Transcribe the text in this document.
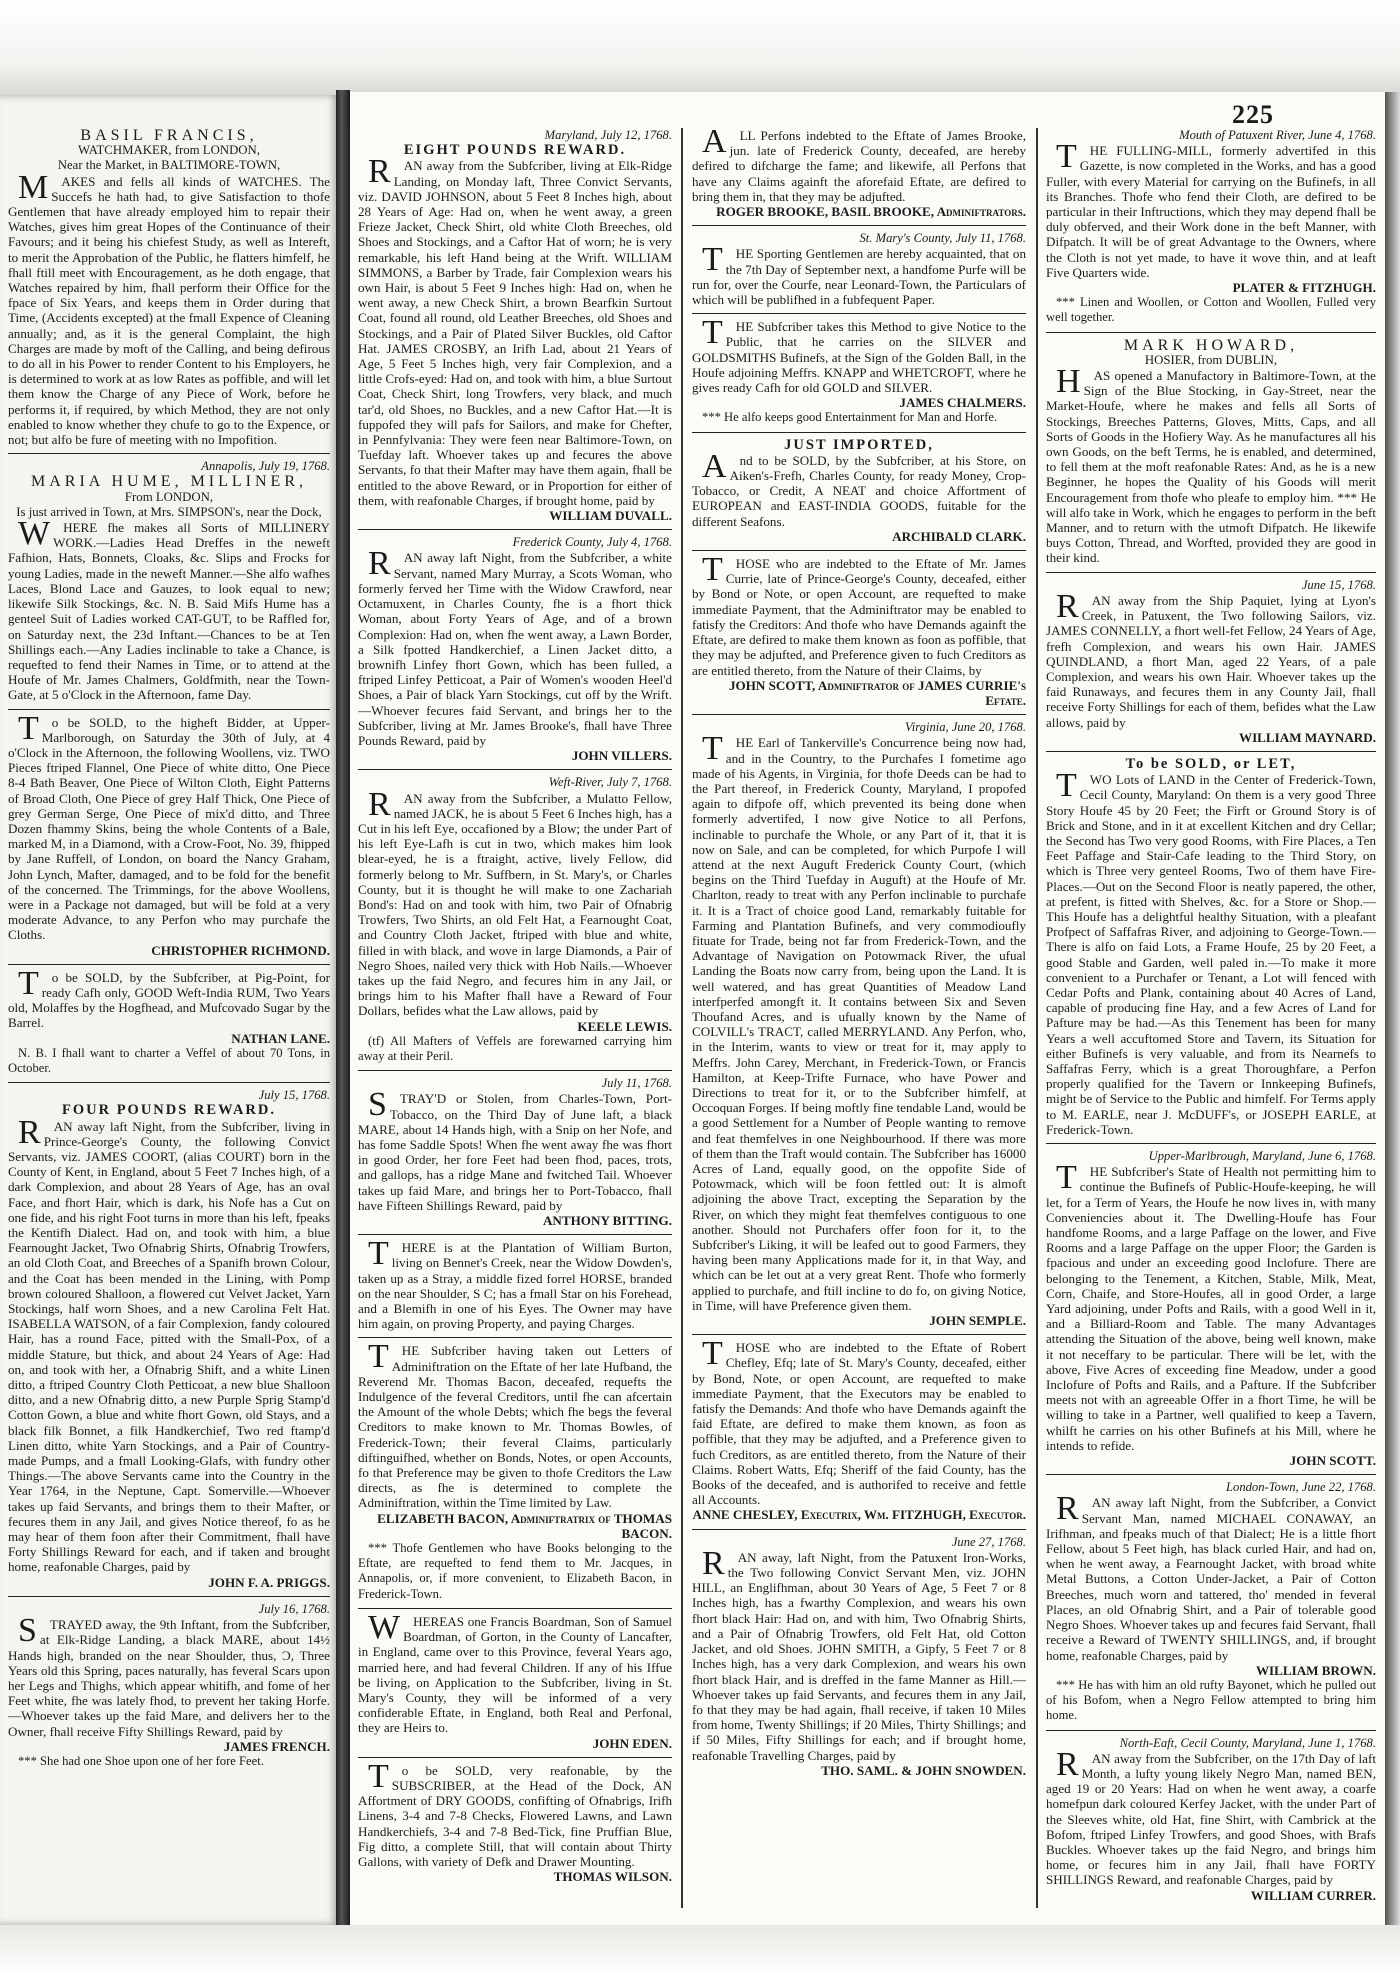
225

BASIL FRANCIS,

WATCHMAKER, from LONDON,

Near the Market, in BALTIMORE-TOWN,

MAKES and fells all kinds of WATCHES. The Succefs he hath had, to give Satisfaction to thofe Gentlemen that have already employed him to repair their Watches, gives him great Hopes of the Continuance of their Favours; and it being his chiefest Study, as well as Intereft, to merit the Approbation of the Public, he flatters himfelf, he fhall ftill meet with Encouragement, as he doth engage, that Watches repaired by him, fhall perform their Office for the fpace of Six Years, and keeps them in Order during that Time, (Accidents excepted) at the fmall Expence of Cleaning annually; and, as it is the general Complaint, the high Charges are made by moft of the Calling, and being defirous to do all in his Power to render Content to his Employers, he is determined to work at as low Rates as poffible, and will let them know the Charge of any Piece of Work, before he performs it, if required, by which Method, they are not only enabled to know whether they chufe to go to the Expence, or not; but alfo be fure of meeting with no Impofition.

Annapolis, July 19, 1768.

MARIA HUME, MILLINER,

From LONDON,

Is just arrived in Town, at Mrs. SIMPSON's, near the Dock,

WHERE fhe makes all Sorts of MILLINERY WORK.—Ladies Head Dreffes in the neweft Fafhion, Hats, Bonnets, Cloaks, &c. Slips and Frocks for young Ladies, made in the neweft Manner.—She alfo wafhes Laces, Blond Lace and Gauzes, to look equal to new; likewife Silk Stockings, &c. N. B. Said Mifs Hume has a genteel Suit of Ladies worked CAT-GUT, to be Raffled for, on Saturday next, the 23d Inftant.—Chances to be at Ten Shillings each.—Any Ladies inclinable to take a Chance, is requefted to fend their Names in Time, or to attend at the Houfe of Mr. James Chalmers, Goldfmith, near the Town-Gate, at 5 o'Clock in the Afternoon, fame Day.

To be SOLD, to the higheft Bidder, at Upper-Marlborough, on Saturday the 30th of July, at 4 o'Clock in the Afternoon, the following Woollens, viz. TWO Pieces ftriped Flannel, One Piece of white ditto, One Piece 8-4 Bath Beaver, One Piece of Wilton Cloth, Eight Patterns of Broad Cloth, One Piece of grey Half Thick, One Piece of grey German Serge, One Piece of mix'd ditto, and Three Dozen fhammy Skins, being the whole Contents of a Bale, marked M, in a Diamond, with a Crow-Foot, No. 39, fhipped by Jane Ruffell, of London, on board the Nancy Graham, John Lynch, Mafter, damaged, and to be fold for the benefit of the concerned. The Trimmings, for the above Woollens, were in a Package not damaged, but will be fold at a very moderate Advance, to any Perfon who may purchafe the Cloths.

CHRISTOPHER RICHMOND.

To be SOLD, by the Subfcriber, at Pig-Point, for ready Cafh only, GOOD Weft-India RUM, Two Years old, Molaffes by the Hogfhead, and Mufcovado Sugar by the Barrel.

NATHAN LANE.

N. B. I fhall want to charter a Veffel of about 70 Tons, in October.

July 15, 1768.

FOUR POUNDS REWARD.

RAN away laft Night, from the Subfcriber, living in Prince-George's County, the following Convict Servants, viz. JAMES COORT, (alias COURT) born in the County of Kent, in England, about 5 Feet 7 Inches high, of a dark Complexion, and about 28 Years of Age, has an oval Face, and fhort Hair, which is dark, his Nofe has a Cut on one fide, and his right Foot turns in more than his left, fpeaks the Kentifh Dialect. Had on, and took with him, a blue Fearnought Jacket, Two Ofnabrig Shirts, Ofnabrig Trowfers, an old Cloth Coat, and Breeches of a Spanifh brown Colour, and the Coat has been mended in the Lining, with Pomp brown coloured Shalloon, a flowered cut Velvet Jacket, Yarn Stockings, half worn Shoes, and a new Carolina Felt Hat. ISABELLA WATSON, of a fair Complexion, fandy coloured Hair, has a round Face, pitted with the Small-Pox, of a middle Stature, but thick, and about 24 Years of Age: Had on, and took with her, a Ofnabrig Shift, and a white Linen ditto, a ftriped Country Cloth Petticoat, a new blue Shalloon ditto, and a new Ofnabrig ditto, a new Purple Sprig Stamp'd Cotton Gown, a blue and white fhort Gown, old Stays, and a black filk Bonnet, a filk Handkerchief, Two red ftamp'd Linen ditto, white Yarn Stockings, and a Pair of Country-made Pumps, and a fmall Looking-Glafs, with fundry other Things.—The above Servants came into the Country in the Year 1764, in the Neptune, Capt. Somerville.—Whoever takes up faid Servants, and brings them to their Mafter, or fecures them in any Jail, and gives Notice thereof, fo as he may hear of them foon after their Commitment, fhall have Forty Shillings Reward for each, and if taken and brought home, reafonable Charges, paid by

JOHN F. A. PRIGGS.

July 16, 1768.

STRAYED away, the 9th Inftant, from the Subfcriber, at Elk-Ridge Landing, a black MARE, about 14½ Hands high, branded on the near Shoulder, thus, Ɔ, Three Years old this Spring, paces naturally, has feveral Scars upon her Legs and Thighs, which appear whitifh, and fome of her Feet white, fhe was lately fhod, to prevent her taking Horfe.—Whoever takes up the faid Mare, and delivers her to the Owner, fhall receive Fifty Shillings Reward, paid by

JAMES FRENCH.

*** She had one Shoe upon one of her fore Feet.

Maryland, July 12, 1768.

EIGHT POUNDS REWARD.

RAN away from the Subfcriber, living at Elk-Ridge Landing, on Monday laft, Three Convict Servants, viz. DAVID JOHNSON, about 5 Feet 8 Inches high, about 28 Years of Age: Had on, when he went away, a green Frieze Jacket, Check Shirt, old white Cloth Breeches, old Shoes and Stockings, and a Caftor Hat of worn; he is very remarkable, his left Hand being at the Wrift. WILLIAM SIMMONS, a Barber by Trade, fair Complexion wears his own Hair, is about 5 Feet 9 Inches high: Had on, when he went away, a new Check Shirt, a brown Bearfkin Surtout Coat, found all round, old Leather Breeches, old Shoes and Stockings, and a Pair of Plated Silver Buckles, old Caftor Hat. JAMES CROSBY, an Irifh Lad, about 21 Years of Age, 5 Feet 5 Inches high, very fair Complexion, and a little Crofs-eyed: Had on, and took with him, a blue Surtout Coat, Check Shirt, long Trowfers, very black, and much tar'd, old Shoes, no Buckles, and a new Caftor Hat.—It is fuppofed they will pafs for Sailors, and make for Chefter, in Pennfylvania: They were feen near Baltimore-Town, on Tuefday laft. Whoever takes up and fecures the above Servants, fo that their Mafter may have them again, fhall be entitled to the above Reward, or in Proportion for either of them, with reafonable Charges, if brought home, paid by

WILLIAM DUVALL.

Frederick County, July 4, 1768.

RAN away laft Night, from the Subfcriber, a white Servant, named Mary Murray, a Scots Woman, who formerly ferved her Time with the Widow Crawford, near Octamuxent, in Charles County, fhe is a fhort thick Woman, about Forty Years of Age, and of a brown Complexion: Had on, when fhe went away, a Lawn Border, a Silk fpotted Handkerchief, a Linen Jacket ditto, a brownifh Linfey fhort Gown, which has been fulled, a ftriped Linfey Petticoat, a Pair of Women's wooden Heel'd Shoes, a Pair of black Yarn Stockings, cut off by the Wrift.—Whoever fecures faid Servant, and brings her to the Subfcriber, living at Mr. James Brooke's, fhall have Three Pounds Reward, paid by

JOHN VILLERS.

Weft-River, July 7, 1768.

RAN away from the Subfcriber, a Mulatto Fellow, named JACK, he is about 5 Feet 6 Inches high, has a Cut in his left Eye, occafioned by a Blow; the under Part of his left Eye-Lafh is cut in two, which makes him look blear-eyed, he is a ftraight, active, lively Fellow, did formerly belong to Mr. Suffbern, in St. Mary's, or Charles County, but it is thought he will make to one Zachariah Bond's: Had on and took with him, two Pair of Ofnabrig Trowfers, Two Shirts, an old Felt Hat, a Fearnought Coat, and Country Cloth Jacket, ftriped with blue and white, filled in with black, and wove in large Diamonds, a Pair of Negro Shoes, nailed very thick with Hob Nails.—Whoever takes up the faid Negro, and fecures him in any Jail, or brings him to his Mafter fhall have a Reward of Four Dollars, befides what the Law allows, paid by

KEELE LEWIS.

(tf) All Mafters of Veffels are forewarned carrying him away at their Peril.

July 11, 1768.

STRAY'D or Stolen, from Charles-Town, Port-Tobacco, on the Third Day of June laft, a black MARE, about 14 Hands high, with a Snip on her Nofe, and has fome Saddle Spots! When fhe went away fhe was fhort in good Order, her fore Feet had been fhod, paces, trots, and gallops, has a ridge Mane and fwitched Tail. Whoever takes up faid Mare, and brings her to Port-Tobacco, fhall have Fifteen Shillings Reward, paid by

ANTHONY BITTING.

THERE is at the Plantation of William Burton, living on Bennet's Creek, near the Widow Dowden's, taken up as a Stray, a middle fized forrel HORSE, branded on the near Shoulder, S C; has a fmall Star on his Forehead, and a Blemifh in one of his Eyes. The Owner may have him again, on proving Property, and paying Charges.

THE Subfcriber having taken out Letters of Adminiftration on the Eftate of her late Hufband, the Reverend Mr. Thomas Bacon, deceafed, requefts the Indulgence of the feveral Creditors, until fhe can afcertain the Amount of the whole Debts; which fhe begs the feveral Creditors to make known to Mr. Thomas Bowles, of Frederick-Town; their feveral Claims, particularly diftinguifhed, whether on Bonds, Notes, or open Accounts, fo that Preference may be given to thofe Creditors the Law directs, as fhe is determined to complete the Adminiftration, within the Time limited by Law.

ELIZABETH BACON, Adminiftratrix of THOMAS BACON.

*** Thofe Gentlemen who have Books belonging to the Eftate, are requefted to fend them to Mr. Jacques, in Annapolis, or, if more convenient, to Elizabeth Bacon, in Frederick-Town.

WHEREAS one Francis Boardman, Son of Samuel Boardman, of Gorton, in the County of Lancafter, in England, came over to this Province, feveral Years ago, married here, and had feveral Children. If any of his Iffue be living, on Application to the Subfcriber, living in St. Mary's County, they will be informed of a very confiderable Eftate, in England, both Real and Perfonal, they are Heirs to.

JOHN EDEN.

To be SOLD, very reafonable, by the SUBSCRIBER, at the Head of the Dock, AN Affortment of DRY GOODS, confifting of Ofnabrigs, Irifh Linens, 3-4 and 7-8 Checks, Flowered Lawns, and Lawn Handkerchiefs, 3-4 and 7-8 Bed-Tick, fine Pruffian Blue, Fig ditto, a complete Still, that will contain about Thirty Gallons, with variety of Defk and Drawer Mounting.

THOMAS WILSON.

ALL Perfons indebted to the Eftate of James Brooke, jun. late of Frederick County, deceafed, are hereby defired to difcharge the fame; and likewife, all Perfons that have any Claims againft the aforefaid Eftate, are defired to bring them in, that they may be adjufted.

ROGER BROOKE, BASIL BROOKE, Adminiftrators.

St. Mary's County, July 11, 1768.

THE Sporting Gentlemen are hereby acquainted, that on the 7th Day of September next, a handfome Purfe will be run for, over the Courfe, near Leonard-Town, the Particulars of which will be publifhed in a fubfequent Paper.

THE Subfcriber takes this Method to give Notice to the Public, that he carries on the SILVER and GOLDSMITHS Bufinefs, at the Sign of the Golden Ball, in the Houfe adjoining Meffrs. KNAPP and WHETCROFT, where he gives ready Cafh for old GOLD and SILVER.

JAMES CHALMERS.

*** He alfo keeps good Entertainment for Man and Horfe.

JUST IMPORTED,

And to be SOLD, by the Subfcriber, at his Store, on Aiken's-Frefh, Charles County, for ready Money, Crop-Tobacco, or Credit, A NEAT and choice Affortment of EUROPEAN and EAST-INDIA GOODS, fuitable for the different Seafons.

ARCHIBALD CLARK.

THOSE who are indebted to the Eftate of Mr. James Currie, late of Prince-George's County, deceafed, either by Bond or Note, or open Account, are requefted to make immediate Payment, that the Adminiftrator may be enabled to fatisfy the Creditors: And thofe who have Demands againft the Eftate, are defired to make them known as foon as poffible, that they may be adjufted, and Preference given to fuch Creditors as are entitled thereto, from the Nature of their Claims, by

JOHN SCOTT, Adminiftrator of JAMES CURRIE's Eftate.

Virginia, June 20, 1768.

THE Earl of Tankerville's Concurrence being now had, and in the Country, to the Purchafes I fometime ago made of his Agents, in Virginia, for thofe Deeds can be had to the Part thereof, in Frederick County, Maryland, I propofed again to difpofe off, which prevented its being done when formerly advertifed, I now give Notice to all Perfons, inclinable to purchafe the Whole, or any Part of it, that it is now on Sale, and can be completed, for which Purpofe I will attend at the next Auguft Frederick County Court, (which begins on the Third Tuefday in Auguft) at the Houfe of Mr. Charlton, ready to treat with any Perfon inclinable to purchafe it. It is a Tract of choice good Land, remarkably fuitable for Farming and Plantation Bufinefs, and very commodioufly fituate for Trade, being not far from Frederick-Town, and the Advantage of Navigation on Potowmack River, the ufual Landing the Boats now carry from, being upon the Land. It is well watered, and has great Quantities of Meadow Land interfperfed amongft it. It contains between Six and Seven Thoufand Acres, and is ufually known by the Name of COLVILL's TRACT, called MERRYLAND. Any Perfon, who, in the Interim, wants to view or treat for it, may apply to Meffrs. John Carey, Merchant, in Frederick-Town, or Francis Hamilton, at Keep-Trifte Furnace, who have Power and Directions to treat for it, or to the Subfcriber himfelf, at Occoquan Forges. If being moftly fine tendable Land, would be a good Settlement for a Number of People wanting to remove and feat themfelves in one Neighbourhood. If there was more of them than the Traft would contain. The Subfcriber has 16000 Acres of Land, equally good, on the oppofite Side of Potowmack, which will be foon fettled out: It is almoft adjoining the above Tract, excepting the Separation by the River, on which they might feat themfelves contiguous to one another. Should not Purchafers offer foon for it, to the Subfcriber's Liking, it will be leafed out to good Farmers, they having been many Applications made for it, in that Way, and which can be let out at a very great Rent. Thofe who formerly applied to purchafe, and ftill incline to do fo, on giving Notice, in Time, will have Preference given them.

JOHN SEMPLE.

THOSE who are indebted to the Eftate of Robert Chefley, Efq; late of St. Mary's County, deceafed, either by Bond, Note, or open Account, are requefted to make immediate Payment, that the Executors may be enabled to fatisfy the Demands: And thofe who have Demands againft the faid Eftate, are defired to make them known, as foon as poffible, that they may be adjufted, and a Preference given to fuch Creditors, as are entitled thereto, from the Nature of their Claims. Robert Watts, Efq; Sheriff of the faid County, has the Books of the deceafed, and is authorifed to receive and fettle all Accounts.

ANNE CHESLEY, Executrix, Wm. FITZHUGH, Executor.

June 27, 1768.

RAN away, laft Night, from the Patuxent Iron-Works, the Two following Convict Servant Men, viz. JOHN HILL, an Englifhman, about 30 Years of Age, 5 Feet 7 or 8 Inches high, has a fwarthy Complexion, and wears his own fhort black Hair: Had on, and with him, Two Ofnabrig Shirts, and a Pair of Ofnabrig Trowfers, old Felt Hat, old Cotton Jacket, and old Shoes. JOHN SMITH, a Gipfy, 5 Feet 7 or 8 Inches high, has a very dark Complexion, and wears his own fhort black Hair, and is dreffed in the fame Manner as Hill.—Whoever takes up faid Servants, and fecures them in any Jail, fo that they may be had again, fhall receive, if taken 10 Miles from home, Twenty Shillings; if 20 Miles, Thirty Shillings; and if 50 Miles, Fifty Shillings for each; and if brought home, reafonable Travelling Charges, paid by

THO. SAML. & JOHN SNOWDEN.

Mouth of Patuxent River, June 4, 1768.

THE FULLING-MILL, formerly advertifed in this Gazette, is now completed in the Works, and has a good Fuller, with every Material for carrying on the Bufinefs, in all its Branches. Thofe who fend their Cloth, are defired to be particular in their Inftructions, which they may depend fhall be duly obferved, and their Work done in the beft Manner, with Difpatch. It will be of great Advantage to the Owners, where the Cloth is not yet made, to have it wove thin, and at leaft Five Quarters wide.

PLATER & FITZHUGH.

*** Linen and Woollen, or Cotton and Woollen, Fulled very well together.

MARK HOWARD,

HOSIER, from DUBLIN,

HAS opened a Manufactory in Baltimore-Town, at the Sign of the Blue Stocking, in Gay-Street, near the Market-Houfe, where he makes and fells all Sorts of Stockings, Breeches Patterns, Gloves, Mitts, Caps, and all Sorts of Goods in the Hofiery Way. As he manufactures all his own Goods, on the beft Terms, he is enabled, and determined, to fell them at the moft reafonable Rates: And, as he is a new Beginner, he hopes the Quality of his Goods will merit Encouragement from thofe who pleafe to employ him. *** He will alfo take in Work, which he engages to perform in the beft Manner, and to return with the utmoft Difpatch. He likewife buys Cotton, Thread, and Worfted, provided they are good in their kind.

June 15, 1768.

RAN away from the Ship Paquiet, lying at Lyon's Creek, in Patuxent, the Two following Sailors, viz. JAMES CONNELLY, a fhort well-fet Fellow, 24 Years of Age, frefh Complexion, and wears his own Hair. JAMES QUINDLAND, a fhort Man, aged 22 Years, of a pale Complexion, and wears his own Hair. Whoever takes up the faid Runaways, and fecures them in any County Jail, fhall receive Forty Shillings for each of them, befides what the Law allows, paid by

WILLIAM MAYNARD.

To be SOLD, or LET,

TWO Lots of LAND in the Center of Frederick-Town, Cecil County, Maryland: On them is a very good Three Story Houfe 45 by 20 Feet; the Firft or Ground Story is of Brick and Stone, and in it at excellent Kitchen and dry Cellar; the Second has Two very good Rooms, with Fire Places, a Ten Feet Paffage and Stair-Cafe leading to the Third Story, on which is Three very genteel Rooms, Two of them have Fire-Places.—Out on the Second Floor is neatly papered, the other, at prefent, is fitted with Shelves, &c. for a Store or Shop.—This Houfe has a delightful healthy Situation, with a pleafant Profpect of Saffafras River, and adjoining to George-Town.—There is alfo on faid Lots, a Frame Houfe, 25 by 20 Feet, a good Stable and Garden, well paled in.—To make it more convenient to a Purchafer or Tenant, a Lot will fenced with Cedar Pofts and Plank, containing about 40 Acres of Land, capable of producing fine Hay, and a few Acres of Land for Pafture may be had.—As this Tenement has been for many Years a well accuftomed Store and Tavern, its Situation for either Bufinefs is very valuable, and from its Nearnefs to Saffafras Ferry, which is a great Thoroughfare, a Perfon properly qualified for the Tavern or Innkeeping Bufinefs, might be of Service to the Public and himfelf. For Terms apply to M. EARLE, near J. McDUFF's, or JOSEPH EARLE, at Frederick-Town.

Upper-Marlbrough, Maryland, June 6, 1768.

THE Subfcriber's State of Health not permitting him to continue the Bufinefs of Public-Houfe-keeping, he will let, for a Term of Years, the Houfe he now lives in, with many Conveniencies about it. The Dwelling-Houfe has Four handfome Rooms, and a large Paffage on the lower, and Five Rooms and a large Paffage on the upper Floor; the Garden is fpacious and under an exceeding good Inclofure. There are belonging to the Tenement, a Kitchen, Stable, Milk, Meat, Corn, Chaife, and Store-Houfes, all in good Order, a large Yard adjoining, under Pofts and Rails, with a good Well in it, and a Billiard-Room and Table. The many Advantages attending the Situation of the above, being well known, make it not neceffary to be particular. There will be let, with the above, Five Acres of exceeding fine Meadow, under a good Inclofure of Pofts and Rails, and a Pafture. If the Subfcriber meets not with an agreeable Offer in a fhort Time, he will be willing to take in a Partner, well qualified to keep a Tavern, whilft he carries on his other Bufinefs at his Mill, where he intends to refide.

JOHN SCOTT.

London-Town, June 22, 1768.

RAN away laft Night, from the Subfcriber, a Convict Servant Man, named MICHAEL CONAWAY, an Irifhman, and fpeaks much of that Dialect; He is a little fhort Fellow, about 5 Feet high, has black curled Hair, and had on, when he went away, a Fearnought Jacket, with broad white Metal Buttons, a Cotton Under-Jacket, a Pair of Cotton Breeches, much worn and tattered, tho' mended in feveral Places, an old Ofnabrig Shirt, and a Pair of tolerable good Negro Shoes. Whoever takes up and fecures faid Servant, fhall receive a Reward of TWENTY SHILLINGS, and, if brought home, reafonable Charges, paid by

WILLIAM BROWN.

*** He has with him an old rufty Bayonet, which he pulled out of his Bofom, when a Negro Fellow attempted to bring him home.

North-Eaft, Cecil County, Maryland, June 1, 1768.

RAN away from the Subfcriber, on the 17th Day of laft Month, a lufty young likely Negro Man, named BEN, aged 19 or 20 Years: Had on when he went away, a coarfe homefpun dark coloured Kerfey Jacket, with the under Part of the Sleeves white, old Hat, fine Shirt, with Cambrick at the Bofom, ftriped Linfey Trowfers, and good Shoes, with Brafs Buckles. Whoever takes up the faid Negro, and brings him home, or fecures him in any Jail, fhall have FORTY SHILLINGS Reward, and reafonable Charges, paid by

WILLIAM CURRER.
